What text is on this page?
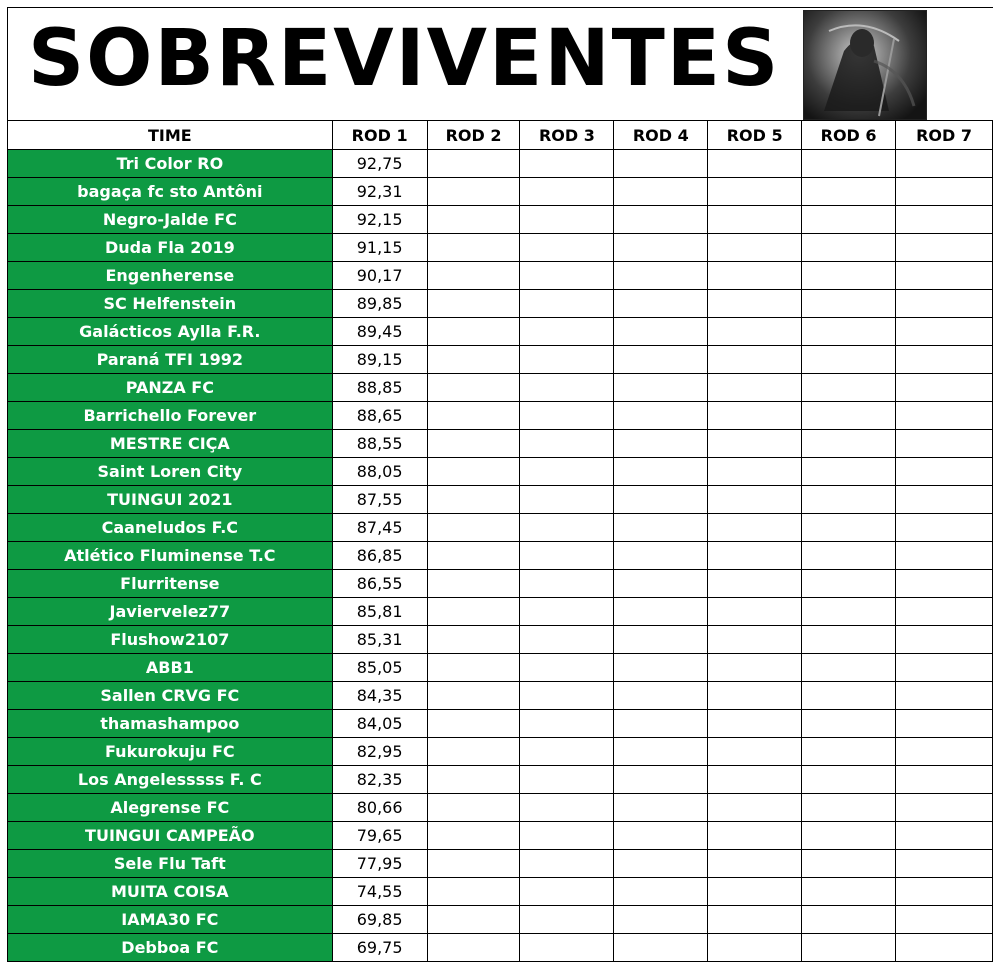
SOBREVIVENTES
TIME	ROD 1	ROD 2	ROD 3	ROD 4	ROD 5	ROD 6	ROD 7
Tri Color RO	92,75						
bagaça fc sto Antôni	92,31						
Negro-Jalde FC	92,15						
Duda Fla 2019	91,15						
Engenherense	90,17						
SC Helfenstein	89,85						
Galácticos Aylla F.R.	89,45						
Paraná TFI 1992	89,15						
PANZA FC	88,85						
Barrichello Forever	88,65						
MESTRE CIÇA	88,55						
Saint Loren City	88,05						
TUINGUI 2021	87,55						
Caaneludos F.C	87,45						
Atlético Fluminense T.C	86,85						
Flurritense	86,55						
Javiervelez77	85,81						
Flushow2107	85,31						
ABB1	85,05						
Sallen CRVG FC	84,35						
thamashampoo	84,05						
Fukurokuju FC	82,95						
Los Angelesssss F. C	82,35						
Alegrense FC	80,66						
TUINGUI CAMPEÃO	79,65						
Sele Flu Taft	77,95						
MUITA COISA	74,55						
IAMA30 FC	69,85						
Debboa FC	69,75						
